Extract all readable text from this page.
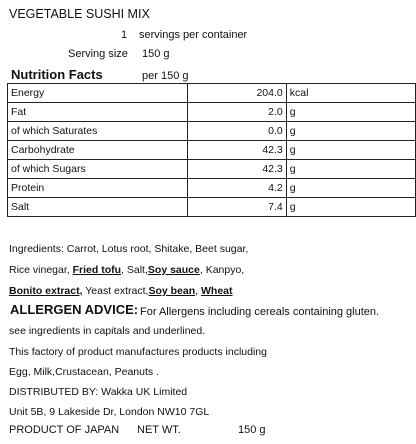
VEGETABLE SUSHI MIX
1 servings per container
Serving size 150 g
Nutrition Facts	per 150 g
Energy	204.0	kcal
Fat	2.0	g
of which Saturates	0.0	g
Carbohydrate	42.3	g
of which Sugars	42.3	g
Protein	4.2	g
Salt	7.4	g
Ingredients: Carrot, Lotus root, Shitake, Beet sugar,
Rice vinegar, Fried tofu, Salt,Soy sauce, Kanpyo,
Bonito extract, Yeast extract,Soy bean, Wheat
ALLERGEN ADVICE: For Allergens including cereals containing gluten.
see ingredients in capitals and underlined.
This factory of product manufactures products including
Egg, Milk,Crustacean, Peanuts .
DISTRIBUTED BY: Wakka UK Limited
Unit 5B, 9 Lakeside Dr, London NW10 7GL
PRODUCT OF JAPAN NET WT.	150 g
